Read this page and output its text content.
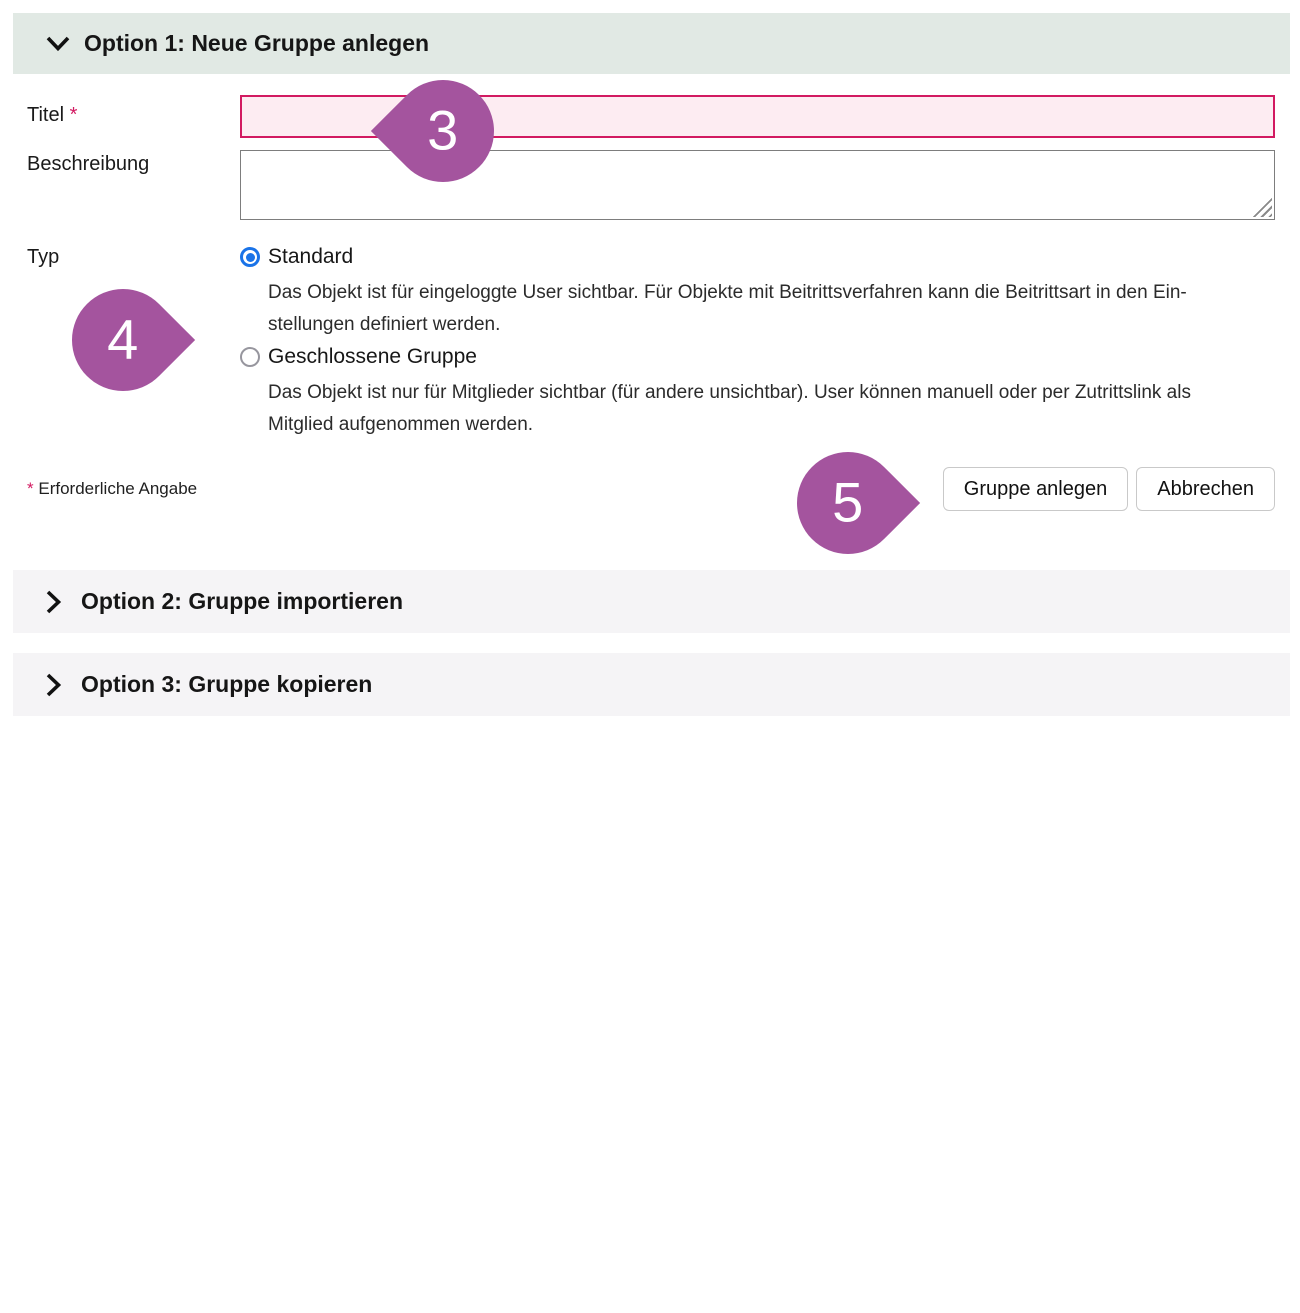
Option 1: Neue Gruppe anlegen
Titel *
Beschreibung
Typ	Standard
Das Objekt ist für eingeloggte User sichtbar. Für Objekte mit Beitrittsverfahren kann die Beitrittsart in den Ein-
stellungen definiert werden.
Geschlossene Gruppe
Das Objekt ist nur für Mitglieder sichtbar (für andere unsichtbar). User können manuell oder per Zutrittslink als
Mitglied aufgenommen werden.
* Erforderliche Angabe	Gruppe anlegen	Abbrechen
Option 2: Gruppe importieren
Option 3: Gruppe kopieren
3
4
5
